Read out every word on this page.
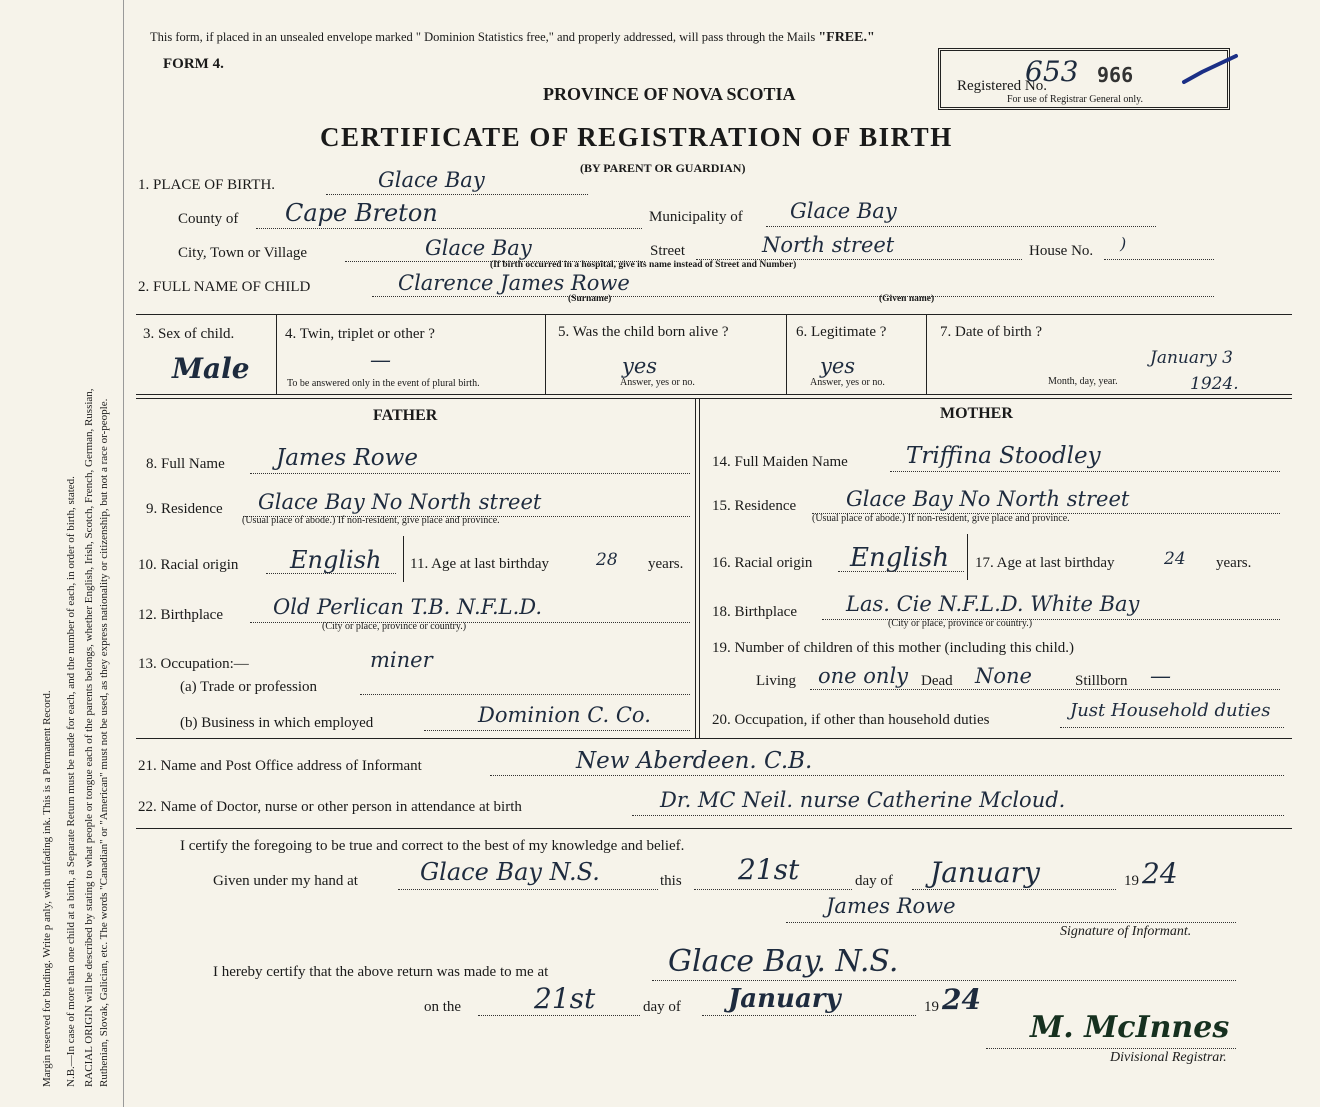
Margin reserved for binding. Write p anly, with unfading ink. This is a Permanent Record. N.B.—In case of more than one child at a birth, a Separate Return must be made for each, and the number of each, in order of birth, stated. RACIAL ORIGIN will be described by stating to what people or tongue each of the parents belongs, whether English, Irish, Scotch, French, German, Russian, Ruthenian, Slovak, Galician, etc. The words "Canadian" or "American" must not be used, as they express nationality or citizenship, but not a race or-people.
This form, if placed in an unsealed envelope marked " Dominion Statistics free," and properly addressed, will pass through the Mails "FREE."
FORM 4.
PROVINCE OF NOVA SCOTIA
CERTIFICATE OF REGISTRATION OF BIRTH
(BY PARENT OR GUARDIAN)
Registered No.
653 966
For use of Registrar General only.
1. PLACE OF BIRTH.	Glace Bay
County of Cape Breton	Municipality of Glace Bay
City, Town or Village	Glace Bay	Street	North street	House No. )
(If birth occurred in a hospital, give its name instead of Street and Number)
2. FULL NAME OF CHILD	Clarence James Rowe
(Surname)	(Given name)
3. Sex of child.
Male
4. Twin, triplet or other ?
—
To be answered only in the event of plural birth.
5. Was the child born alive ?
yes
Answer, yes or no.
6. Legitimate ?
yes
Answer, yes or no.
7. Date of birth ?
January 3
1924.
Month, day, year.
FATHER	MOTHER
8. Full Name James Rowe
9. Residence Glace Bay No North street
(Usual place of abode.) If non-resident, give place and province.
10. Racial origin English 11. Age at last birthday	28 years.
12. Birthplace Old Perlican T.B. N.F.L.D.
(City or place, province or country.)
13. Occupation:—	miner
(a) Trade or profession
(b) Business in which employed	Dominion C. Co.
14. Full Maiden Name	Triffina Stoodley
15. Residence Glace Bay No North street
(Usual place of abode.) If non-resident, give place and province.
16. Racial origin English 17. Age at last birthday	24 years.
18. Birthplace Las. Cie N.F.L.D. White Bay
(City or place, province or country.)
19. Number of children of this mother (including this child.)
Living one only Dead None	Stillborn —
20. Occupation, if other than household duties	Just Household duties
21. Name and Post Office address of Informant	New Aberdeen. C.B.
22. Name of Doctor, nurse or other person in attendance at birth	Dr. MC Neil. nurse Catherine Mcloud.
I certify the foregoing to be true and correct to the best of my knowledge and belief.
Given under my hand at	Glace Bay N.S.	this 21st	day of January	19 24
James Rowe
Signature of Informant.
I hereby certify that the above return was made to me at	Glace Bay. N.S.
on the	21st	day of January	19 24
M. McInnes
Divisional Registrar.
